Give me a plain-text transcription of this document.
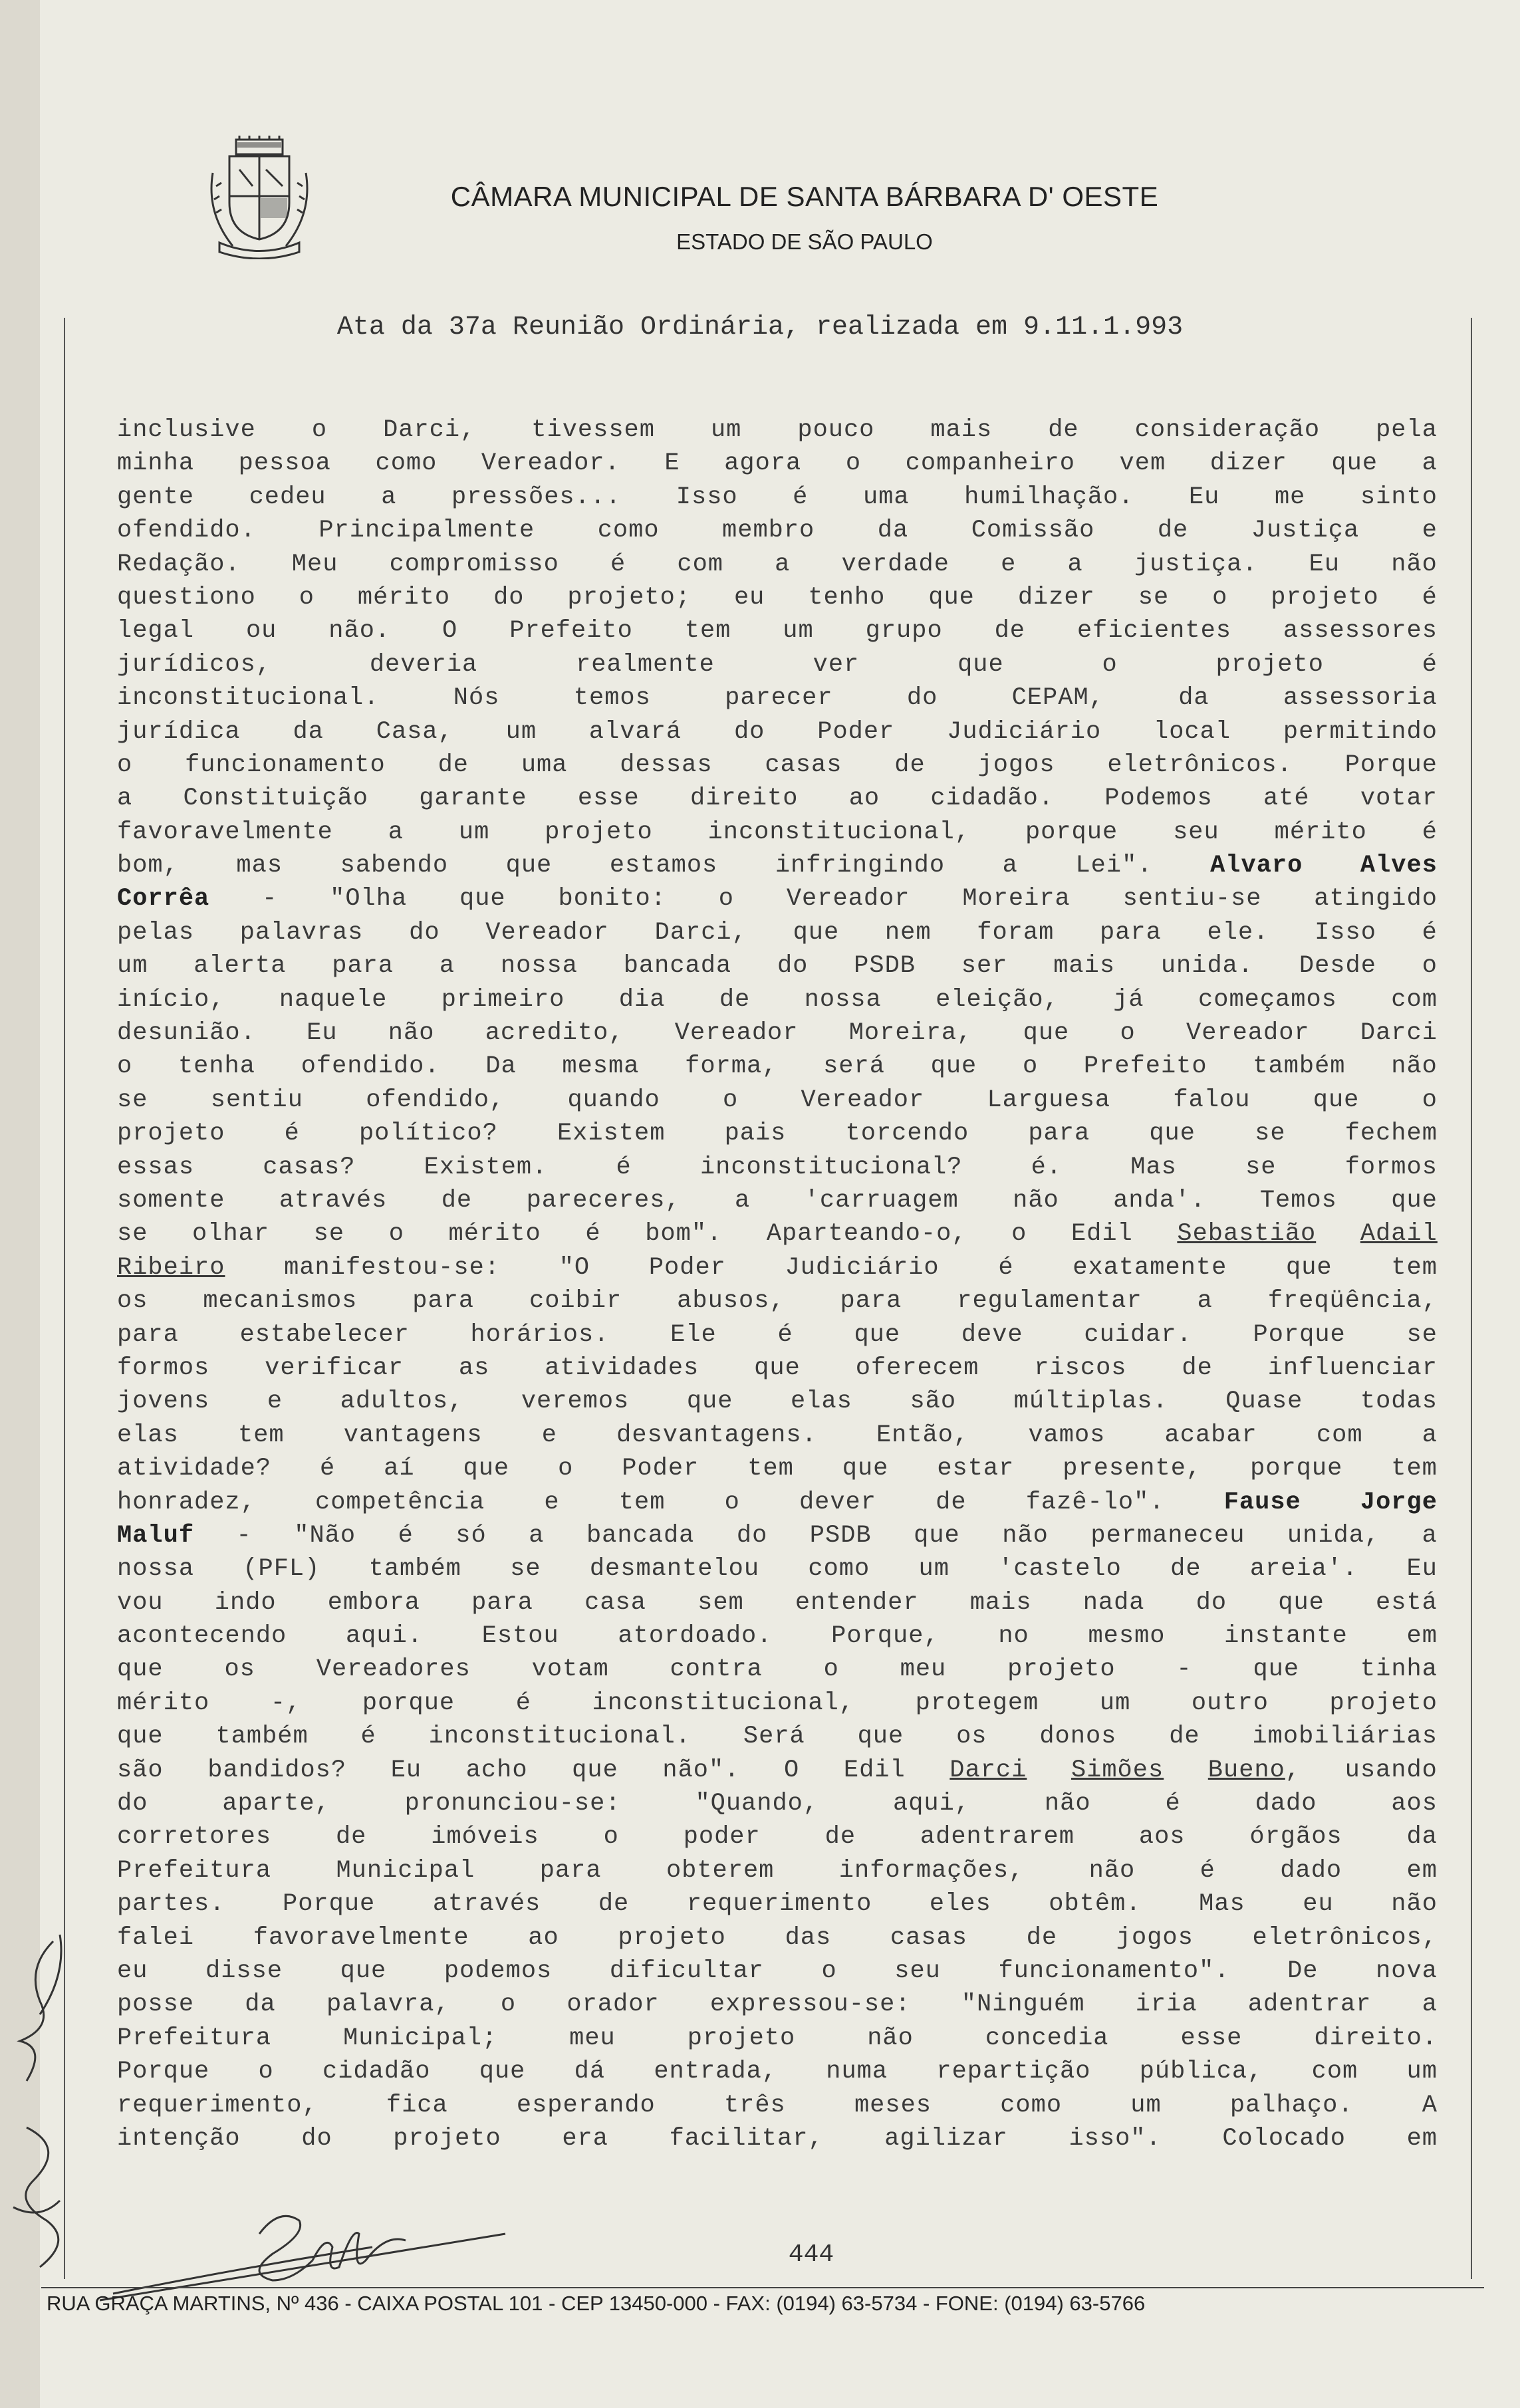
CÂMARA MUNICIPAL DE SANTA BÁRBARA D' OESTE
ESTADO DE SÃO PAULO
Ata da 37a Reunião Ordinária, realizada em 9.11.1.993
inclusive o Darci, tivessem um pouco mais de consideração pela
minha pessoa como Vereador. E agora o companheiro vem dizer que a
gente cedeu a pressões... Isso é uma humilhação. Eu me sinto
ofendido.	Principalmente	como	membro	da	Comissão	de	Justiça	e
Redação. Meu compromisso é com a verdade e a justiça. Eu não
questiono o mérito do projeto; eu tenho que dizer se o projeto é
legal ou não. O Prefeito tem um grupo de eficientes assessores
jurídicos,	deveria	realmente	ver	que	o	projeto	é
inconstitucional.	Nós	temos	parecer	do	CEPAM,	da	assessoria
jurídica da Casa, um alvará do Poder Judiciário local permitindo
o funcionamento de uma dessas casas de jogos eletrônicos. Porque
a Constituição garante esse direito ao cidadão. Podemos até votar
favoravelmente a um projeto inconstitucional, porque seu mérito é
bom, mas sabendo que estamos infringindo a Lei". Alvaro Alves
Corrêa - "Olha que bonito: o Vereador Moreira sentiu-se atingido
pelas palavras do Vereador Darci, que nem foram para ele. Isso é
um alerta para a nossa bancada do PSDB ser mais unida. Desde o
início, naquele primeiro dia de nossa eleição, já começamos com
desunião. Eu não acredito, Vereador Moreira, que o Vereador Darci
o tenha ofendido. Da mesma forma, será que o Prefeito também não
se	sentiu	ofendido,	quando	o	Vereador	Larguesa	falou	que	o
projeto é político? Existem pais torcendo para que se fechem
essas	casas?	Existem.	é	inconstitucional?	é.	Mas	se	formos
somente através de pareceres, a 'carruagem não anda'. Temos que
se olhar se o mérito é bom". Aparteando-o, o Edil Sebastião Adail
Ribeiro manifestou-se: "O Poder Judiciário é exatamente que tem
os mecanismos para coibir abusos, para regulamentar a freqüência,
para estabelecer horários. Ele é que deve cuidar. Porque se
formos verificar as atividades que oferecem riscos de influenciar
jovens e adultos, veremos que elas são múltiplas. Quase todas
elas tem vantagens e desvantagens. Então, vamos acabar com a
atividade? é aí que o Poder tem que estar presente, porque tem
honradez, competência e tem o dever de fazê-lo". Fause Jorge
Maluf - "Não é só a bancada do PSDB que não permaneceu unida, a
nossa (PFL) também se desmantelou como um 'castelo de areia'. Eu
vou indo embora para casa sem entender mais nada do que está
acontecendo aqui. Estou atordoado. Porque, no mesmo instante em
que os Vereadores votam contra o meu projeto - que tinha
mérito -, porque é inconstitucional, protegem um outro projeto
que também é inconstitucional. Será que os donos de imobiliárias
são bandidos? Eu acho que não". O Edil Darci Simões Bueno, usando
do	aparte,	pronunciou-se:	"Quando,	aqui,	não	é	dado	aos
corretores	de	imóveis	o	poder	de	adentrarem	aos	órgãos	da
Prefeitura	Municipal	para	obterem	informações,	não	é	dado	em
partes. Porque através de requerimento eles obtêm. Mas eu não
falei favoravelmente ao projeto das casas de jogos eletrônicos,
eu disse que podemos dificultar o seu funcionamento". De nova
posse da palavra, o orador expressou-se: "Ninguém iria adentrar a
Prefeitura	Municipal;	meu	projeto	não	concedia	esse	direito.
Porque o cidadão que dá entrada, numa repartição pública, com um
requerimento,	fica	esperando	três	meses	como	um	palhaço.	A
intenção do projeto era facilitar, agilizar isso". Colocado em
444
RUA GRAÇA MARTINS, Nº 436 - CAIXA POSTAL 101 - CEP 13450-000 - FAX: (0194) 63-5734 - FONE: (0194) 63-5766
